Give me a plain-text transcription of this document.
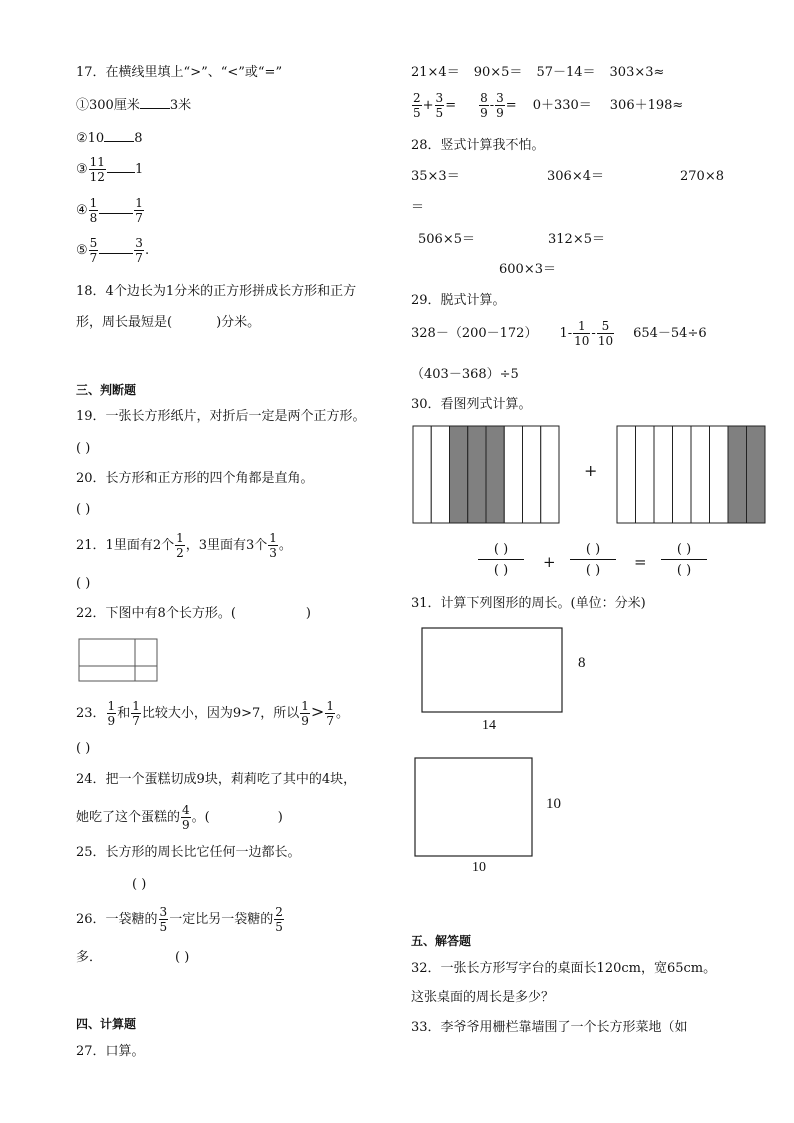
17．在横线里填上“>”、“<”或“=”
①300厘米 3米
②10 8
③ $\frac{11}{12} 1$
④ $\frac{1}{8}$	$\frac{1}{7}$
⑤ $\frac{5}{7}$	$\frac{3}{7}$ .
18．4个边长为1分米的正方形拼成长方形和正方
形，周长最短是(	)分米。
三、判断题
19．一张长方形纸片，对折后一定是两个正方形。
( )
20．长方形和正方形的四个角都是直角。
( )
21．1里面有2个 $\frac{1}{2}$ ，3里面有3个 $\frac{1}{3}$ 。
( )
22．下图中有8个长方形。(	)
23． $\frac{1}{9}$ 和 $\frac{1}{7}$ 比较大小，因为9>7，所以 $\frac{1}{9} > \frac{1}{7}$ 。
( )
24．把一个蛋糕切成9块，莉莉吃了其中的4块，
她吃了这个蛋糕的 $\frac{4}{9}$ 。(	)
25．长方形的周长比它任何一边都长。
( )
26．一袋糖的 $\frac{3}{5}$ 一定比另一袋糖的 $\frac{2}{5}$
多．	( )
四、计算题
27．口算。
21×4＝ 90×5＝ 57－14＝ 303×3≈
$\frac{2}{5} + \frac{3}{5} = \frac{8}{9} - \frac{3}{9} = 0+330= 306+198\approx$
28．竖式计算我不怕。
35×3＝	306×4＝	270×8
＝
506×5＝	312×5＝
600×3＝
29．脱式计算。
328－（200－172） $1- \frac{1}{10} - \frac{5}{10} 654-54\div 6$
（403－368）÷5
30．看图列式计算。
+
( )
( )	+
( )
( )	=
( )
( )
31．计算下列图形的周长。(单位：分米)
8
14
10
10
五、解答题
32．一张长方形写字台的桌面长120cm，宽65cm。
这张桌面的周长是多少？
33．李爷爷用栅栏靠墙围了一个长方形菜地（如
